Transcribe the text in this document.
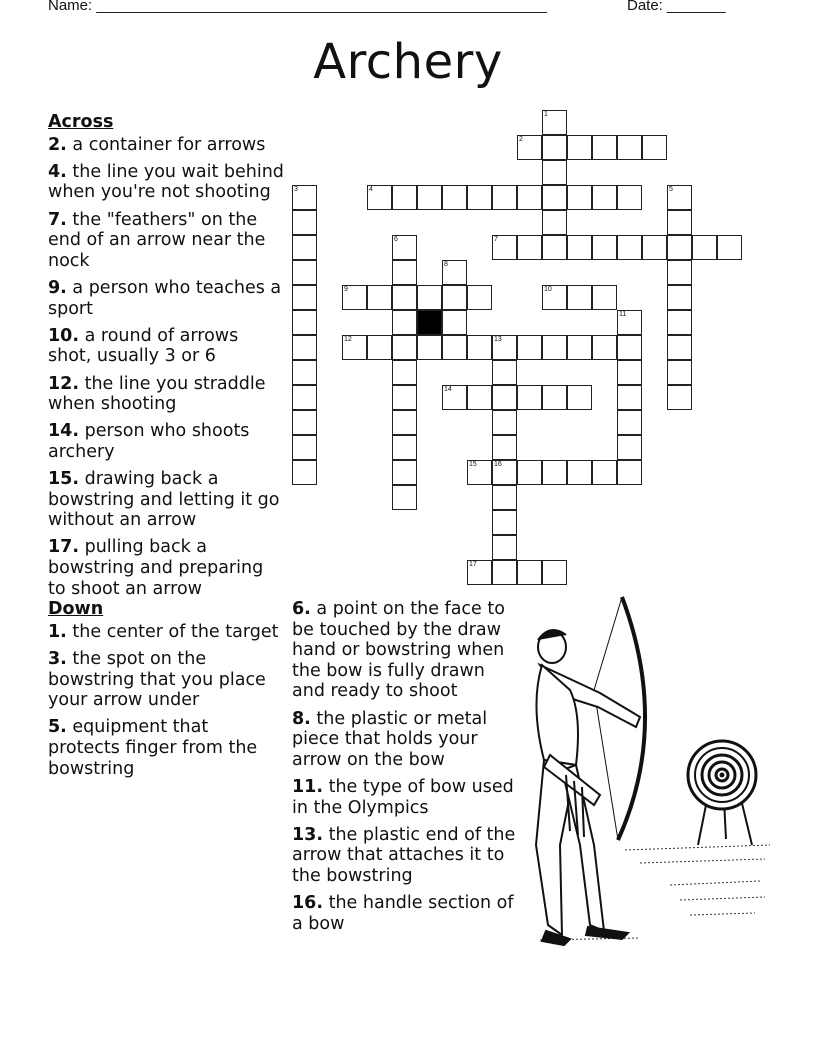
Name: ______________________________________________________	Date: _______
Archery
Across
2. a container for arrows
4. the line you wait behind when you're not shooting
7. the "feathers" on the end of an arrow near the nock
9. a person who teaches a sport
10. a round of arrows shot, usually 3 or 6
12. the line you straddle when shooting
14. person who shoots archery
15. drawing back a bowstring and letting it go without an arrow
17. pulling back a bowstring and preparing to shoot an arrow
Down
1. the center of the target
3. the spot on the bowstring that you place your arrow under
5. equipment that protects finger from the bowstring
6. a point on the face to be touched by the draw hand or bowstring when the bow is fully drawn and ready to shoot
8. the plastic or metal piece that holds your arrow on the bow
11. the type of bow used in the Olympics
13. the plastic end of the arrow that attaches it to the bowstring
16. the handle section of a bow
2
4
7
9	10
12	13
14
15 16
17
1
3	5
6
8
11
